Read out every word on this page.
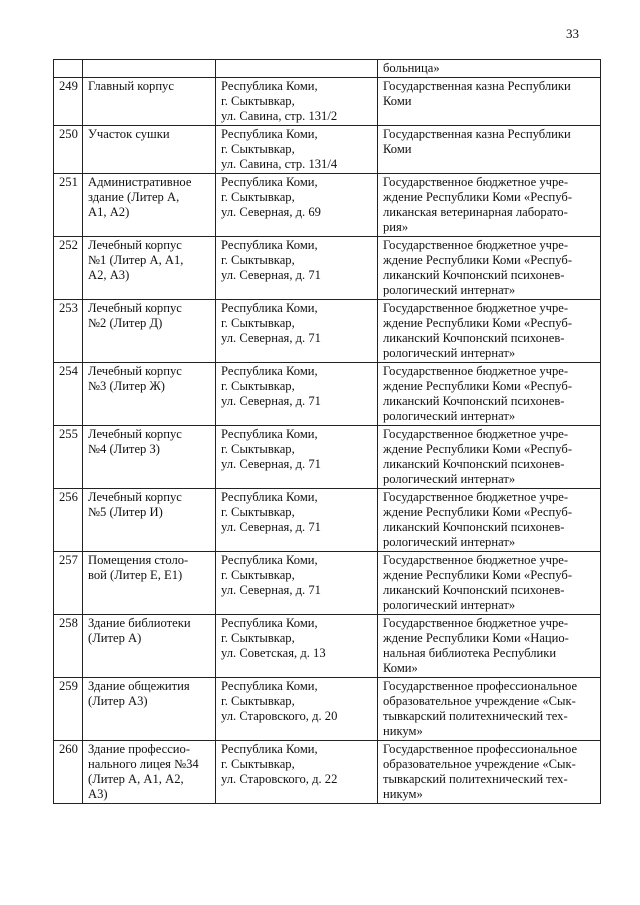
33

			больница»

249	Главный корпус	Республика Коми,
г. Сыктывкар,
ул. Савина, стр. 131/2	Государственная казна Республики
Коми

250	Участок сушки	Республика Коми,
г. Сыктывкар,
ул. Савина, стр. 131/4	Государственная казна Республики
Коми

251	Административное
здание (Литер А,
А1, А2)	Республика Коми,
г. Сыктывкар,
ул. Северная, д. 69	Государственное бюджетное учре-
ждение Республики Коми «Респуб-
ликанская ветеринарная лаборато-
рия»

252	Лечебный корпус
№1 (Литер А, А1,
А2, А3)	Республика Коми,
г. Сыктывкар,
ул. Северная, д. 71	Государственное бюджетное учре-
ждение Республики Коми «Респуб-
ликанский Кочпонский психонев-
рологический интернат»

253	Лечебный корпус
№2 (Литер Д)	Республика Коми,
г. Сыктывкар,
ул. Северная, д. 71	Государственное бюджетное учре-
ждение Республики Коми «Респуб-
ликанский Кочпонский психонев-
рологический интернат»

254	Лечебный корпус
№3 (Литер Ж)	Республика Коми,
г. Сыктывкар,
ул. Северная, д. 71	Государственное бюджетное учре-
ждение Республики Коми «Респуб-
ликанский Кочпонский психонев-
рологический интернат»

255	Лечебный корпус
№4 (Литер З)	Республика Коми,
г. Сыктывкар,
ул. Северная, д. 71	Государственное бюджетное учре-
ждение Республики Коми «Респуб-
ликанский Кочпонский психонев-
рологический интернат»

256	Лечебный корпус
№5 (Литер И)	Республика Коми,
г. Сыктывкар,
ул. Северная, д. 71	Государственное бюджетное учре-
ждение Республики Коми «Респуб-
ликанский Кочпонский психонев-
рологический интернат»

257	Помещения столо-
вой (Литер Е, Е1)	Республика Коми,
г. Сыктывкар,
ул. Северная, д. 71	Государственное бюджетное учре-
ждение Республики Коми «Респуб-
ликанский Кочпонский психонев-
рологический интернат»

258	Здание библиотеки
(Литер А)	Республика Коми,
г. Сыктывкар,
ул. Советская, д. 13	Государственное бюджетное учре-
ждение Республики Коми «Нацио-
нальная библиотека Республики
Коми»

259	Здание общежития
(Литер А3)	Республика Коми,
г. Сыктывкар,
ул. Старовского, д. 20	Государственное профессиональное
образовательное учреждение «Сык-
тывкарский политехнический тех-
никум»

260	Здание профессио-
нального лицея №34
(Литер А, А1, А2,
А3)	Республика Коми,
г. Сыктывкар,
ул. Старовского, д. 22	Государственное профессиональное
образовательное учреждение «Сык-
тывкарский политехнический тех-
никум»
